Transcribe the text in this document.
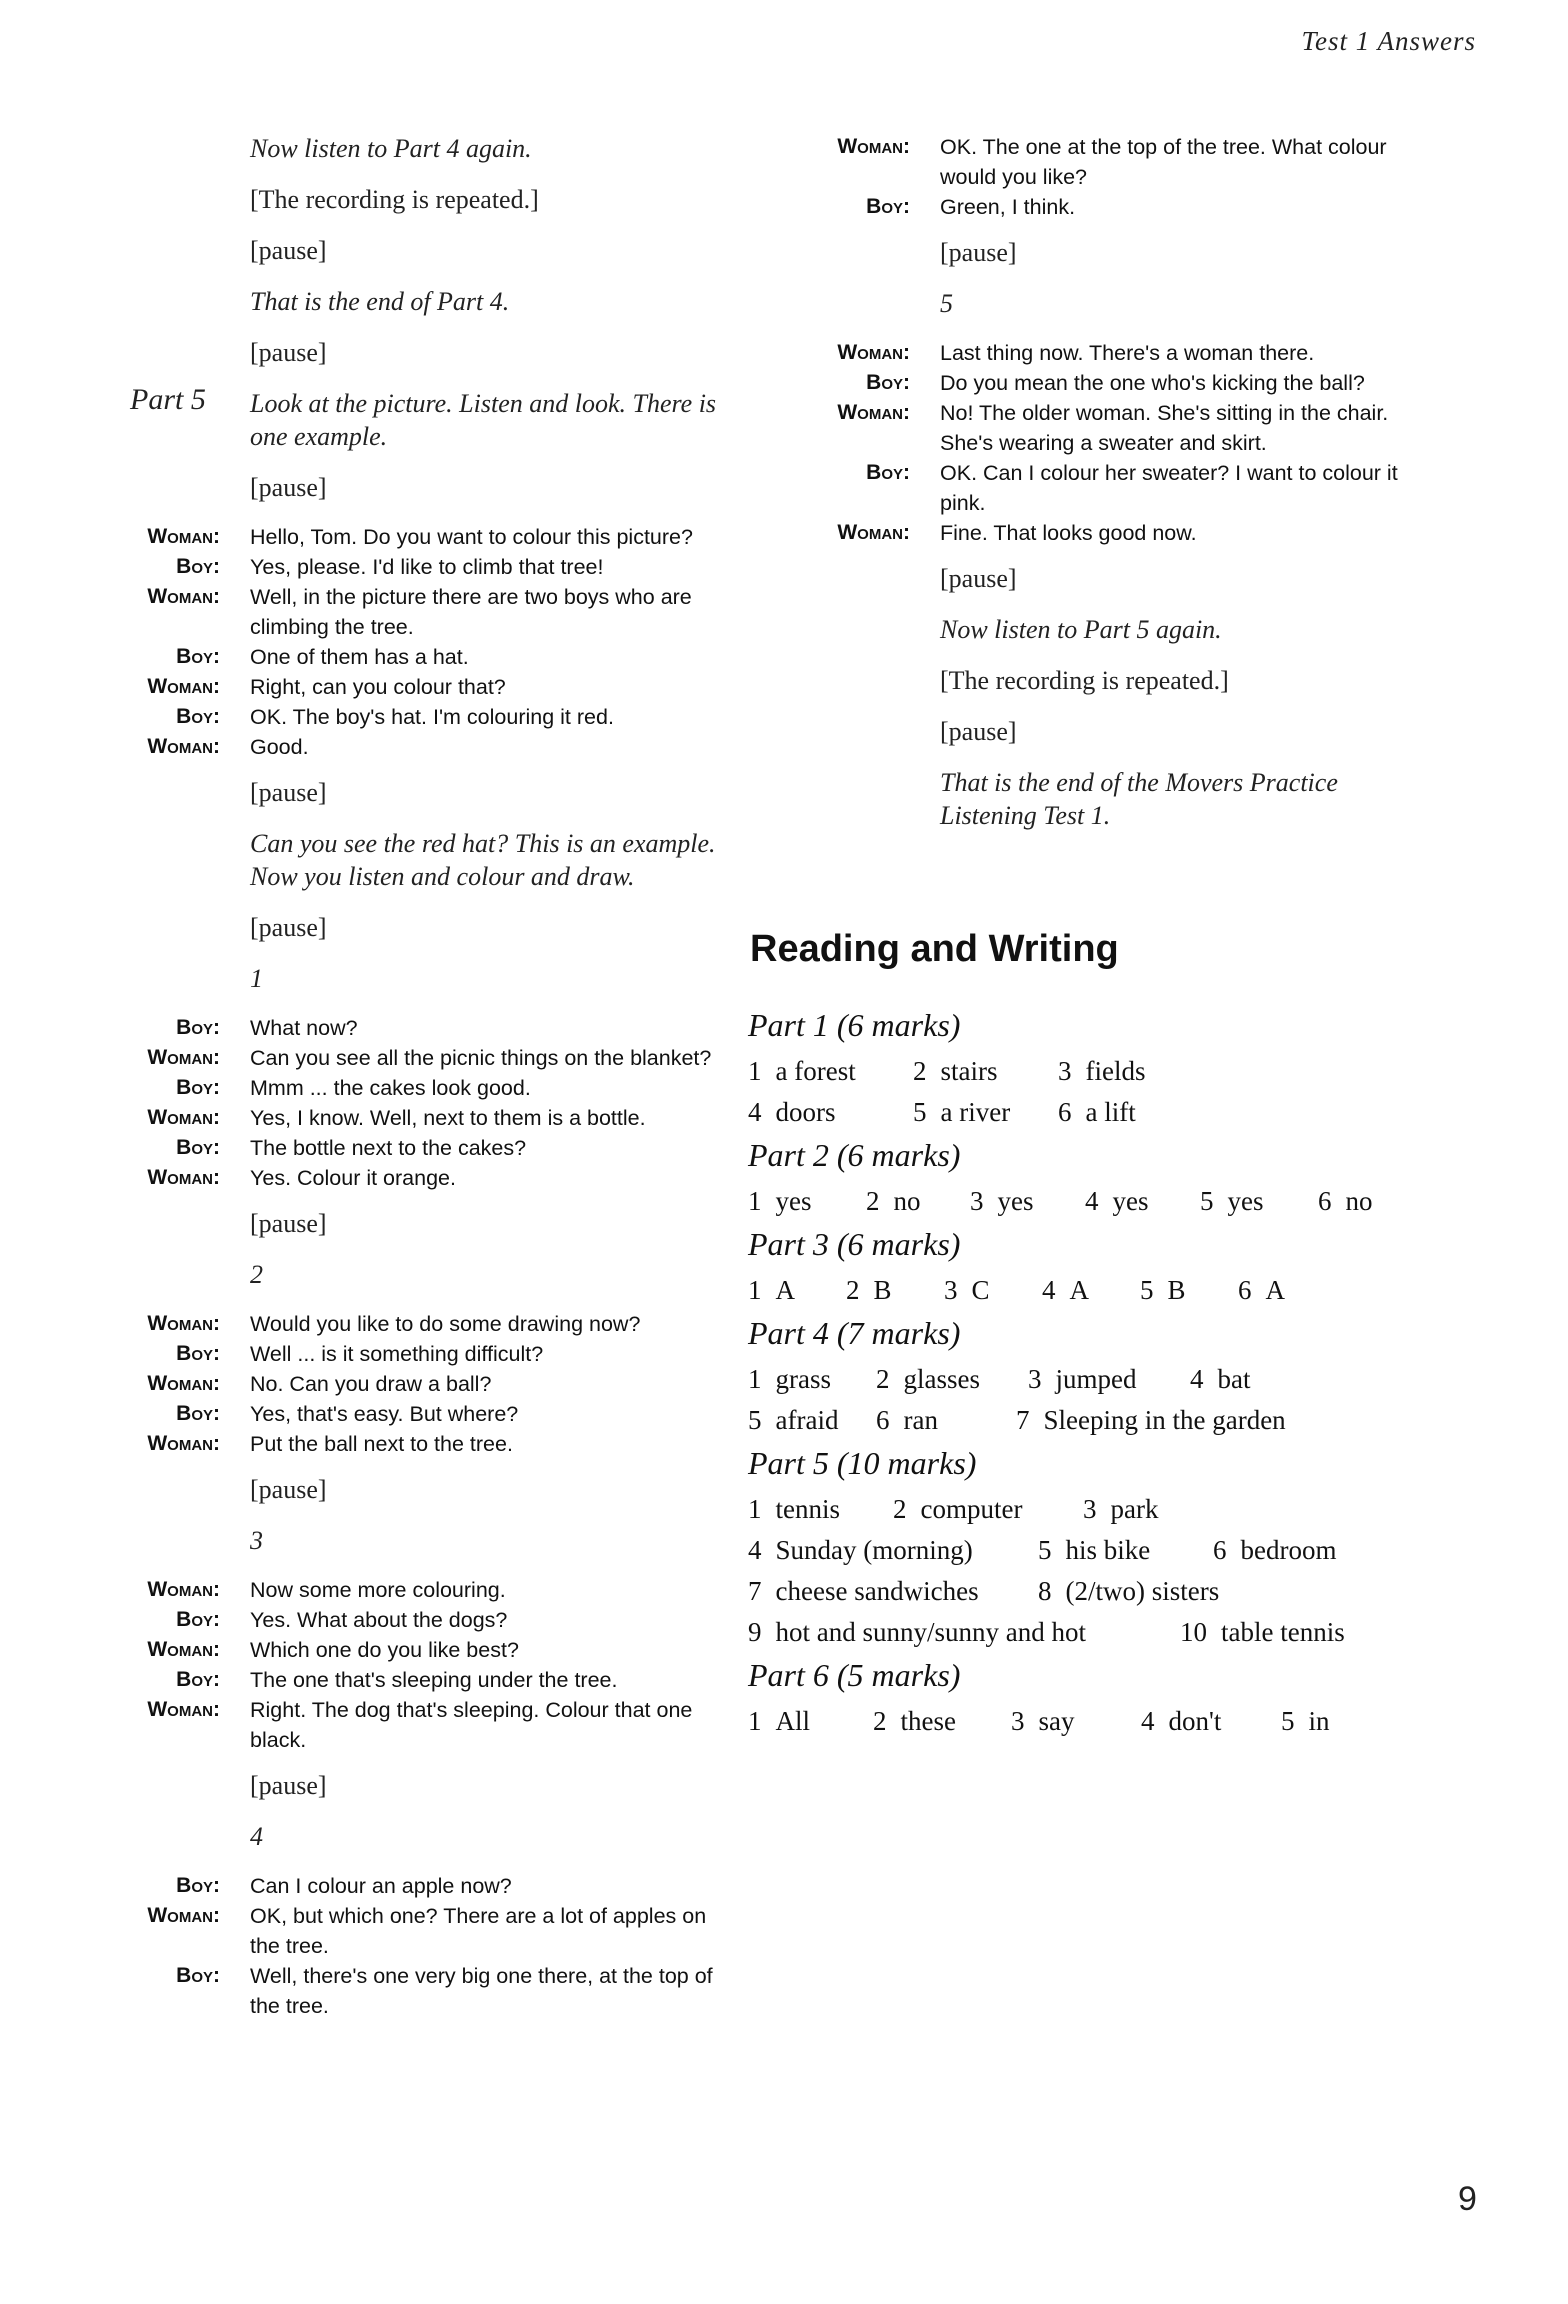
Test 1 Answers
Now listen to Part 4 again.
[The recording is repeated.]
[pause]
That is the end of Part 4.
[pause]
Part 5 Look at the picture. Listen and look. There is one example.
[pause]
Woman: Hello, Tom. Do you want to colour this picture?
Boy: Yes, please. I'd like to climb that tree!
Woman: Well, in the picture there are two boys who are climbing the tree.
Boy: One of them has a hat.
Woman: Right, can you colour that?
Boy: OK. The boy's hat. I'm colouring it red.
Woman: Good.
[pause]
Can you see the red hat? This is an example. Now you listen and colour and draw.
[pause]
1
Boy: What now?
Woman: Can you see all the picnic things on the blanket?
Boy: Mmm ... the cakes look good.
Woman: Yes, I know. Well, next to them is a bottle.
Boy: The bottle next to the cakes?
Woman: Yes. Colour it orange.
[pause]
2
Woman: Would you like to do some drawing now?
Boy: Well ... is it something difficult?
Woman: No. Can you draw a ball?
Boy: Yes, that's easy. But where?
Woman: Put the ball next to the tree.
[pause]
3
Woman: Now some more colouring.
Boy: Yes. What about the dogs?
Woman: Which one do you like best?
Boy: The one that's sleeping under the tree.
Woman: Right. The dog that's sleeping. Colour that one black.
[pause]
4
Boy: Can I colour an apple now?
Woman: OK, but which one? There are a lot of apples on the tree.
Boy: Well, there's one very big one there, at the top of the tree.
Woman: OK. The one at the top of the tree. What colour would you like?
Boy: Green, I think.
[pause]
5
Woman: Last thing now. There's a woman there.
Boy: Do you mean the one who's kicking the ball?
Woman: No! The older woman. She's sitting in the chair. She's wearing a sweater and skirt.
Boy: OK. Can I colour her sweater? I want to colour it pink.
Woman: Fine. That looks good now.
[pause]
Now listen to Part 5 again.
[The recording is repeated.]
[pause]
That is the end of the Movers Practice Listening Test 1.
Reading and Writing
Part 1 (6 marks)
1 a forest	2 stairs	3 fields
4 doors	5 a river	6 a lift
Part 2 (6 marks)
1 yes	2 no	3 yes	4 yes	5 yes	6 no
Part 3 (6 marks)
1 A	2 B	3 C	4 A	5 B	6 A
Part 4 (7 marks)
1 grass	2 glasses	3 jumped	4 bat
5 afraid	6 ran	7 Sleeping in the garden
Part 5 (10 marks)
1 tennis	2 computer	3 park
4 Sunday (morning)	5 his bike	6 bedroom
7 cheese sandwiches	8 (2/two) sisters
9 hot and sunny/sunny and hot	10 table tennis
Part 6 (5 marks)
1 All	2 these	3 say	4 don't	5 in
9
